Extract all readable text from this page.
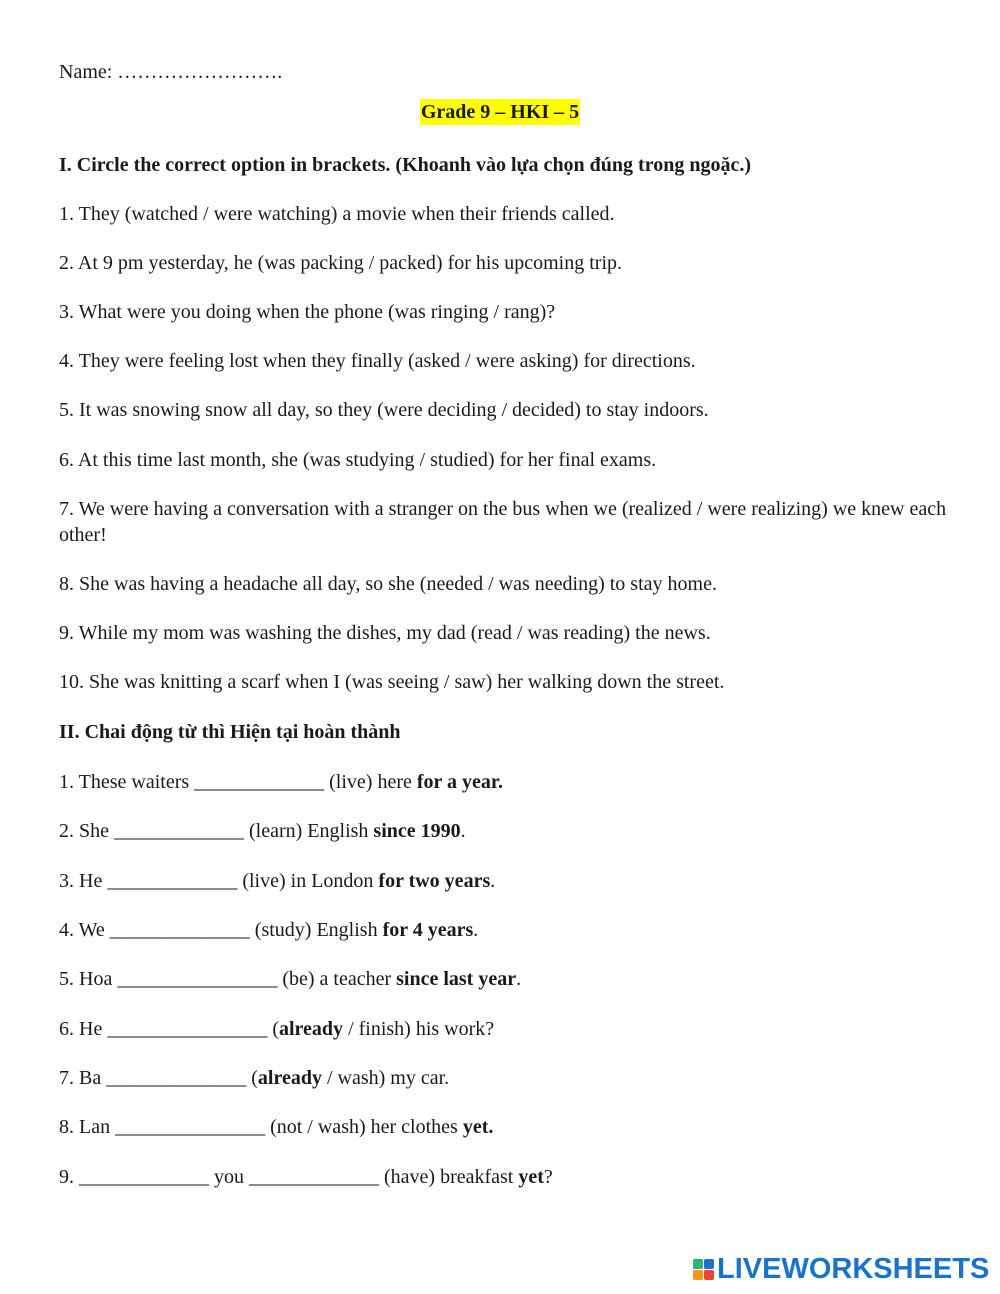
Name: …………………….
Grade 9 – HKI – 5
I. Circle the correct option in brackets. (Khoanh vào lựa chọn đúng trong ngoặc.)
1. They (watched / were watching) a movie when their friends called.
2. At 9 pm yesterday, he (was packing / packed) for his upcoming trip.
3. What were you doing when the phone (was ringing / rang)?
4. They were feeling lost when they finally (asked / were asking) for directions.
5. It was snowing snow all day, so they (were deciding / decided) to stay indoors.
6. At this time last month, she (was studying / studied) for her final exams.
7. We were having a conversation with a stranger on the bus when we (realized / were realizing) we knew each other!
8. She was having a headache all day, so she (needed / was needing) to stay home.
9. While my mom was washing the dishes, my dad (read / was reading) the news.
10. She was knitting a scarf when I (was seeing / saw) her walking down the street.
II. Chai động từ thì Hiện tại hoàn thành
1. These waiters _____________ (live) here for a year.
2. She _____________ (learn) English since 1990.
3. He _____________ (live) in London for two years.
4. We ______________ (study) English for 4 years.
5. Hoa ________________ (be) a teacher since last year.
6. He ________________ (already / finish) his work?
7. Ba ______________ (already / wash) my car.
8. Lan _______________ (not / wash) her clothes yet.
9. _____________ you _____________ (have) breakfast yet?
LIVEWORKSHEETS
